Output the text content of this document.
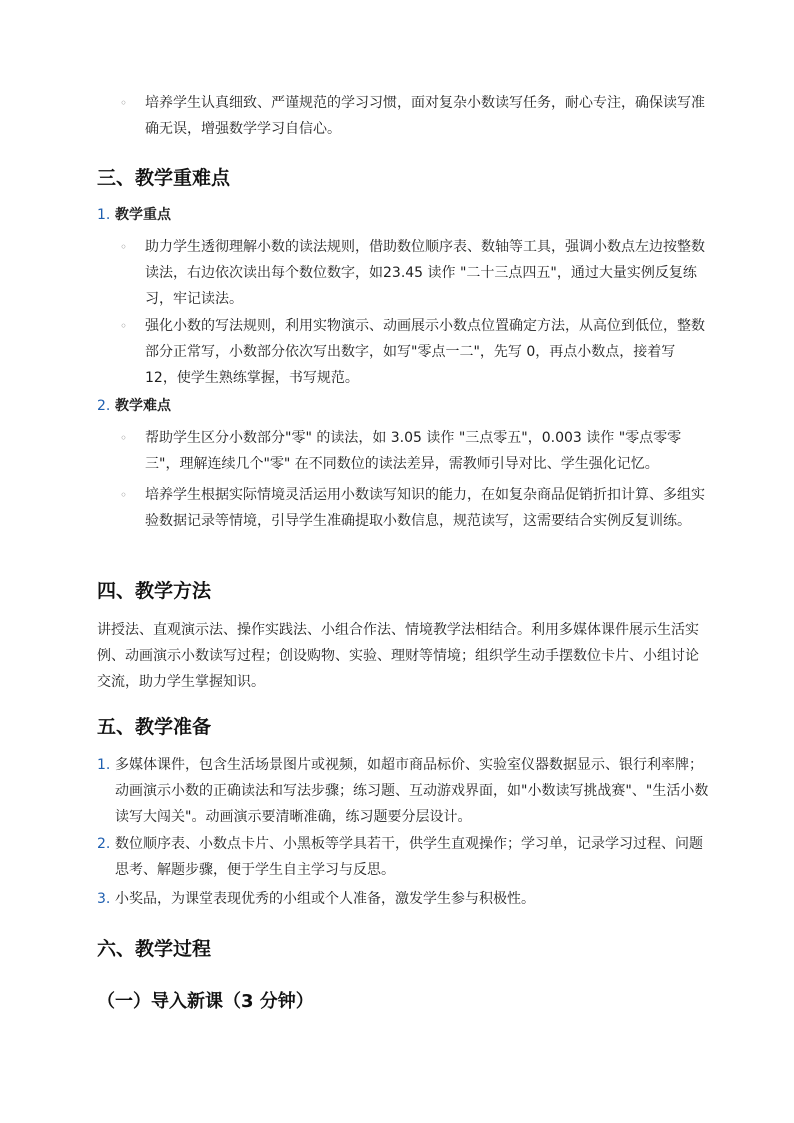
◦	培养学生认真细致、严谨规范的学习习惯，面对复杂小数读写任务，耐心专注，确保读写准确无误，增强数学学习自信心。
三、教学重难点
1. 教学重点
◦	助力学生透彻理解小数的读法规则，借助数位顺序表、数轴等工具，强调小数点左边按整数读法，右边依次读出每个数位数字，如23.45 读作 "二十三点四五"，通过大量实例反复练习，牢记读法。
◦	强化小数的写法规则，利用实物演示、动画展示小数点位置确定方法，从高位到低位，整数部分正常写，小数部分依次写出数字，如写"零点一二"，先写 0，再点小数点，接着写 12，使学生熟练掌握，书写规范。
2. 教学难点
◦	帮助学生区分小数部分"零" 的读法，如 3.05 读作 "三点零五"，0.003 读作 "零点零零三"，理解连续几个"零" 在不同数位的读法差异，需教师引导对比、学生强化记忆。
◦	培养学生根据实际情境灵活运用小数读写知识的能力，在如复杂商品促销折扣计算、多组实验数据记录等情境，引导学生准确提取小数信息，规范读写，这需要结合实例反复训练。
四、教学方法
讲授法、直观演示法、操作实践法、小组合作法、情境教学法相结合。利用多媒体课件展示生活实例、动画演示小数读写过程；创设购物、实验、理财等情境；组织学生动手摆数位卡片、小组讨论交流，助力学生掌握知识。
五、教学准备
1. 多媒体课件，包含生活场景图片或视频，如超市商品标价、实验室仪器数据显示、银行利率牌；动画演示小数的正确读法和写法步骤；练习题、互动游戏界面，如"小数读写挑战赛"、"生活小数读写大闯关"。动画演示要清晰准确，练习题要分层设计。
2. 数位顺序表、小数点卡片、小黑板等学具若干，供学生直观操作；学习单，记录学习过程、问题思考、解题步骤，便于学生自主学习与反思。
3. 小奖品，为课堂表现优秀的小组或个人准备，激发学生参与积极性。
六、教学过程
（一）导入新课（3 分钟）
